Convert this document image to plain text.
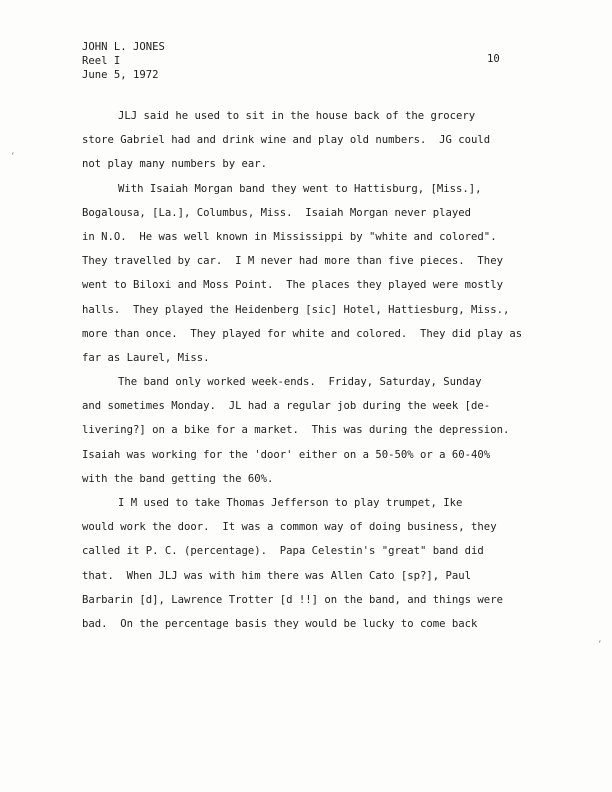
JOHN L. JONES
Reel I
June 5, 1972
10
JLJ said he used to sit in the house back of the grocery
store Gabriel had and drink wine and play old numbers.  JG could
not play many numbers by ear.
With Isaiah Morgan band they went to Hattisburg, [Miss.],
Bogalousa, [La.], Columbus, Miss.  Isaiah Morgan never played
in N.O.  He was well known in Mississippi by "white and colored".
They travelled by car.  I M never had more than five pieces.  They
went to Biloxi and Moss Point.  The places they played were mostly
halls.  They played the Heidenberg [sic] Hotel, Hattiesburg, Miss.,
more than once.  They played for white and colored.  They did play as
far as Laurel, Miss.
The band only worked week-ends.  Friday, Saturday, Sunday
and sometimes Monday.  JL had a regular job during the week [de-
livering?] on a bike for a market.  This was during the depression.
Isaiah was working for the 'door' either on a 50-50% or a 60-40%
with the band getting the 60%.
I M used to take Thomas Jefferson to play trumpet, Ike
would work the door.  It was a common way of doing business, they
called it P. C. (percentage).  Papa Celestin's "great" band did
that.  When JLJ was with him there was Allen Cato [sp?], Paul
Barbarin [d], Lawrence Trotter [d !!] on the band, and things were
bad.  On the percentage basis they would be lucky to come back
‘
‘
